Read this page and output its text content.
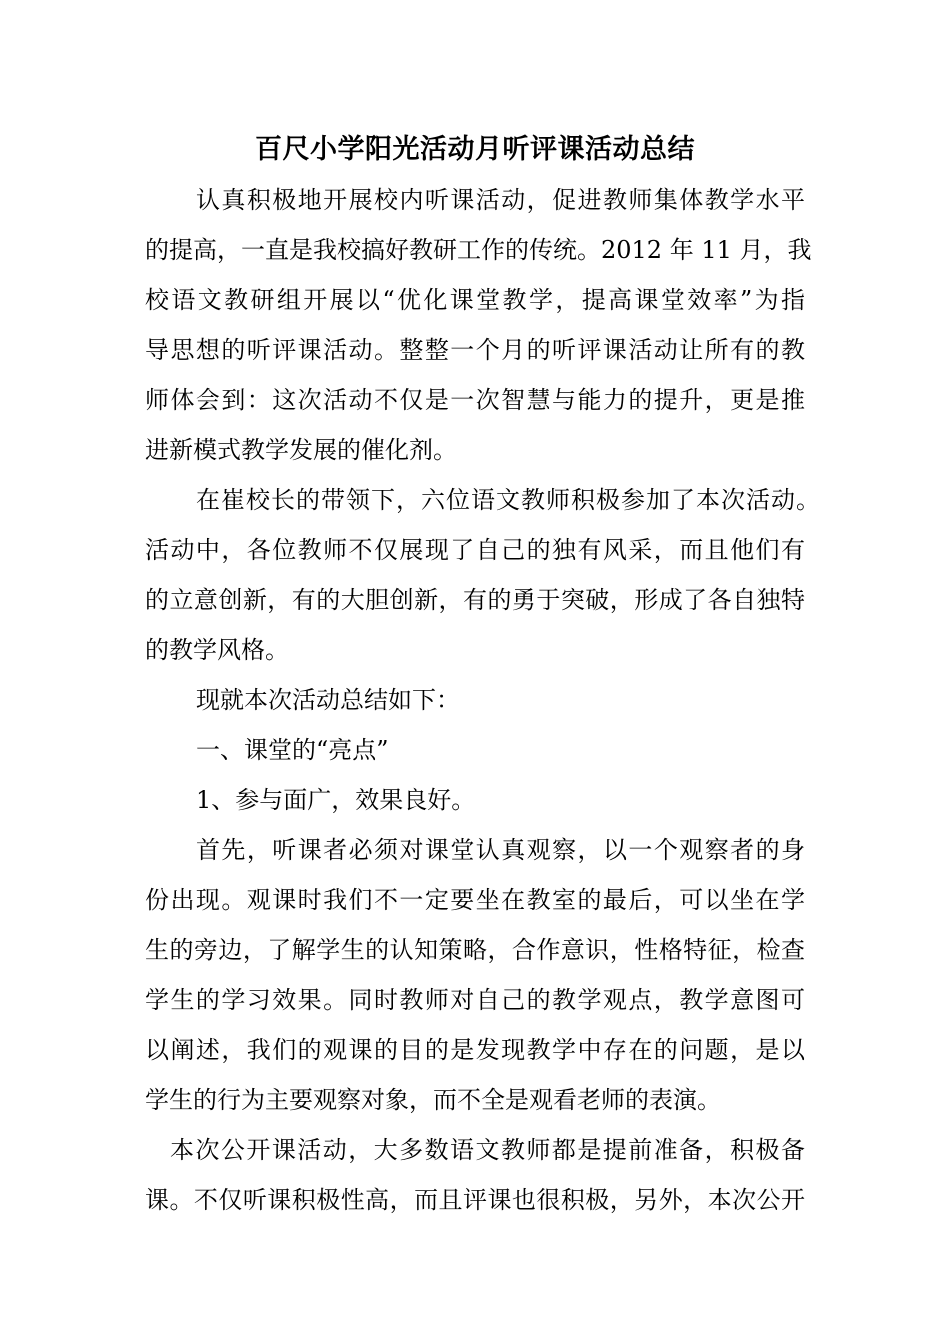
百尺小学阳光活动月听评课活动总结
认真积极地开展校内听课活动，促进教师集体教学水平
的提高，一直是我校搞好教研工作的传统。2012 年 11 月，我
校语文教研组开展以“优化课堂教学，提高课堂效率”为指
导思想的听评课活动。整整一个月的听评课活动让所有的教
师体会到：这次活动不仅是一次智慧与能力的提升，更是推
进新模式教学发展的催化剂。
在崔校长的带领下，六位语文教师积极参加了本次活动。
活动中，各位教师不仅展现了自己的独有风采，而且他们有
的立意创新，有的大胆创新，有的勇于突破，形成了各自独特
的教学风格。
现就本次活动总结如下：
一、课堂的“亮点”
1、参与面广，效果良好。
首先，听课者必须对课堂认真观察，以一个观察者的身
份出现。观课时我们不一定要坐在教室的最后，可以坐在学
生的旁边，了解学生的认知策略，合作意识，性格特征，检查
学生的学习效果。同时教师对自己的教学观点，教学意图可
以阐述，我们的观课的目的是发现教学中存在的问题，是以
学生的行为主要观察对象，而不全是观看老师的表演。
本次公开课活动，大多数语文教师都是提前准备，积极备
课。不仅听课积极性高，而且评课也很积极，另外，本次公开
